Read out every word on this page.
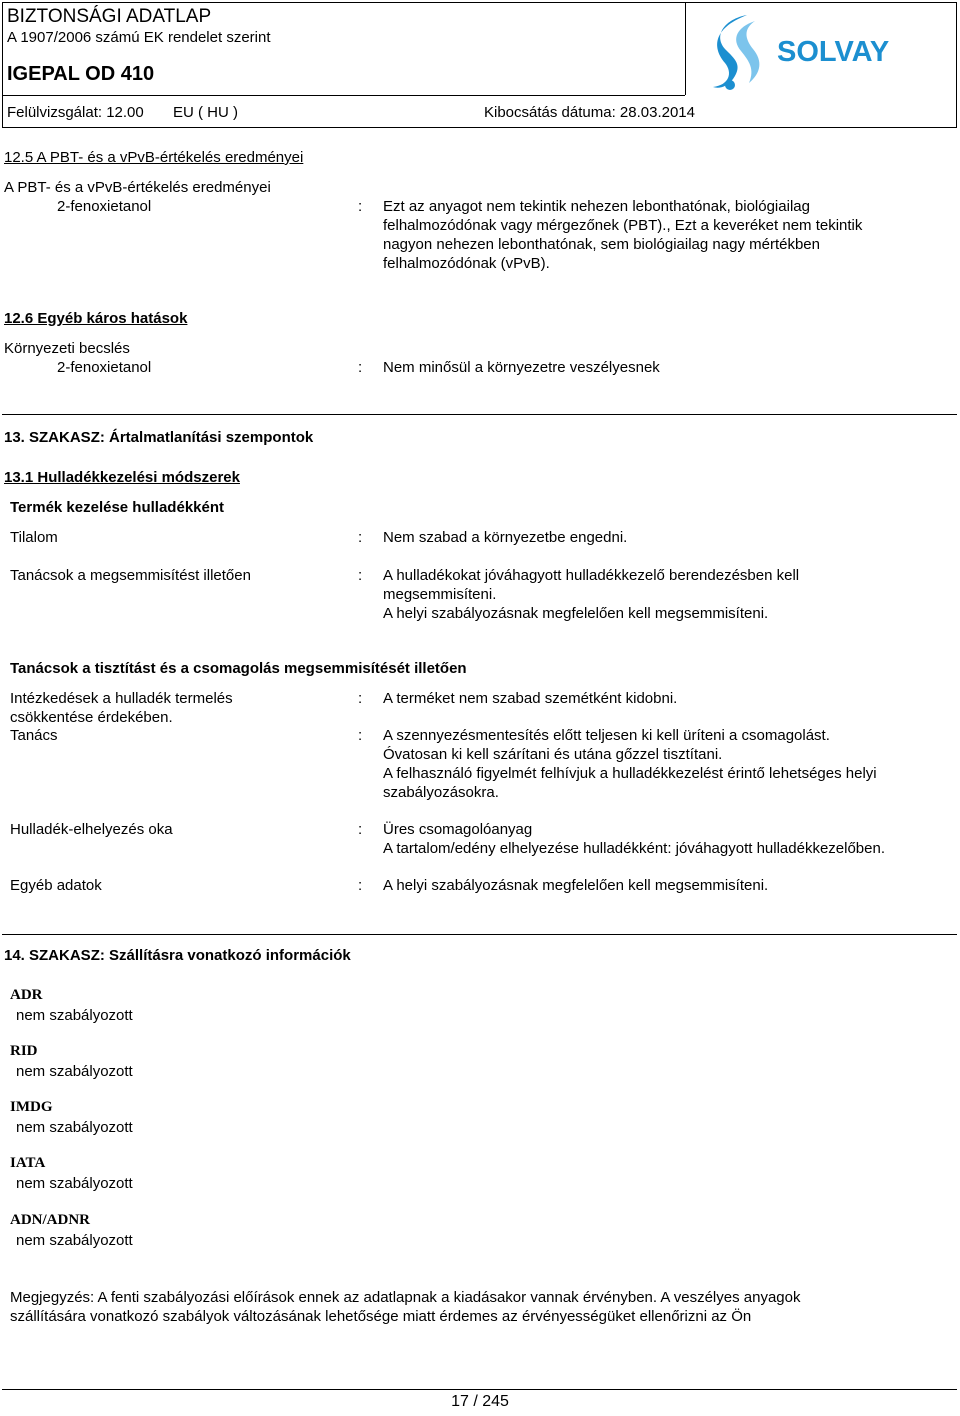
BIZTONSÁGI ADATLAP
A 1907/2006 számú EK rendelet szerint
IGEPAL OD 410
Felülvizsgálat: 12.00 EU ( HU )	Kibocsátás dátuma: 28.03.2014
SOLVAY
12.5 A PBT- és a vPvB-értékelés eredményei
A PBT- és a vPvB-értékelés eredményei
2-fenoxietanol	: Ezt az anyagot nem tekintik nehezen lebonthatónak, biológiailag
felhalmozódónak vagy mérgezőnek (PBT)., Ezt a keveréket nem tekintik
nagyon nehezen lebonthatónak, sem biológiailag nagy mértékben
felhalmozódónak (vPvB).
12.6 Egyéb káros hatások
Környezeti becslés
2-fenoxietanol	: Nem minősül a környezetre veszélyesnek
13. SZAKASZ: Ártalmatlanítási szempontok
13.1 Hulladékkezelési módszerek
Termék kezelése hulladékként
Tilalom	: Nem szabad a környezetbe engedni.
Tanácsok a megsemmisítést illetően	: A hulladékokat jóváhagyott hulladékkezelő berendezésben kell
megsemmisíteni.
A helyi szabályozásnak megfelelően kell megsemmisíteni.
Tanácsok a tisztítást és a csomagolás megsemmisítését illetően
Intézkedések a hulladék termelés
csökkentése érdekében.
: A terméket nem szabad szemétként kidobni.
Tanács	: A szennyezésmentesítés előtt teljesen ki kell üríteni a csomagolást.
Óvatosan ki kell szárítani és utána gőzzel tisztítani.
A felhasználó figyelmét felhívjuk a hulladékkezelést érintő lehetséges helyi
szabályozásokra.
Hulladék-elhelyezés oka	: Üres csomagolóanyag
A tartalom/edény elhelyezése hulladékként: jóváhagyott hulladékkezelőben.
Egyéb adatok	: A helyi szabályozásnak megfelelően kell megsemmisíteni.
14. SZAKASZ: Szállításra vonatkozó információk
ADR
nem szabályozott
RID
nem szabályozott
IMDG
nem szabályozott
IATA
nem szabályozott
ADN/ADNR
nem szabályozott
Megjegyzés: A fenti szabályozási előírások ennek az adatlapnak a kiadásakor vannak érvényben. A veszélyes anyagok
szállítására vonatkozó szabályok változásának lehetősége miatt érdemes az érvényességüket ellenőrizni az Ön
17 / 245
